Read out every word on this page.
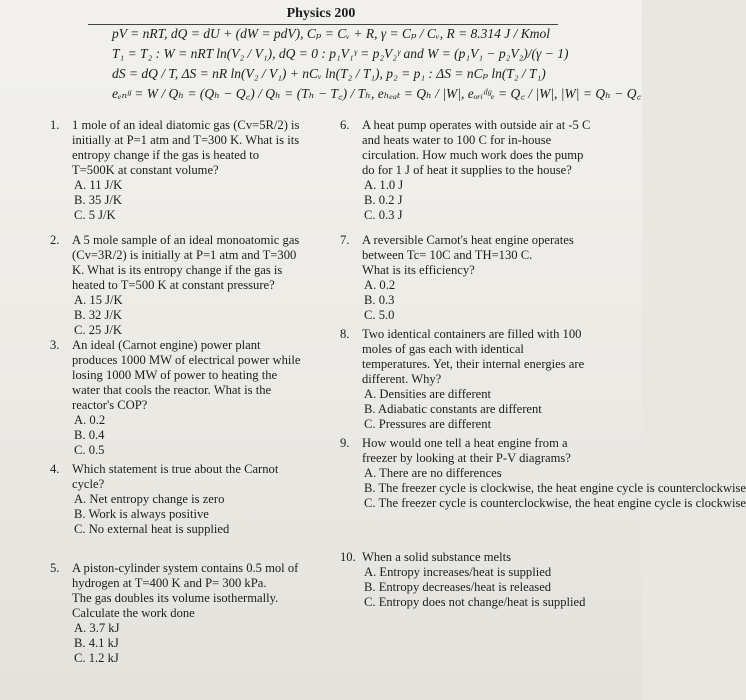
Physics 200
pV = nRT, dQ = dU + (dW = pdV), Cₚ = Cᵥ + R, γ = Cₚ / Cᵥ, R = 8.314 J / Kmol
T₁ = T₂ : W = nRT ln(V₂ / V₁), dQ = 0 : p₁V₁ᵞ = p₂V₂ᵞ and W = (p₁V₁ − p₂V₂)/(γ − 1)
dS = dQ / T, ΔS = nR ln(V₂ / V₁) + nCᵥ ln(T₂ / T₁), p₂ = p₁ : ΔS = nCₚ ln(T₂ / T₁)
eₑₙᵍ = W / Qₕ = (Qₕ − Q꜀) / Qₕ = (Tₕ − T꜀) / Tₕ, eₕₑₐₜ = Qₕ / |W|, eₒᵣᵢᵈᵍₑ = Q꜀ / |W|, |W| = Qₕ − Q꜀
1. 1 mole of an ideal diatomic gas (Cv=5R/2) is
initially at P=1 atm and T=300 K. What is its
entropy change if the gas is heated to
T=500K at constant volume?
A. 11 J/K
B. 35 J/K
C. 5 J/K
2. A 5 mole sample of an ideal monoatomic gas
(Cv=3R/2) is initially at P=1 atm and T=300
K. What is its entropy change if the gas is
heated to T=500 K at constant pressure?
A. 15 J/K
B. 32 J/K
C. 25 J/K
3. An ideal (Carnot engine) power plant
produces 1000 MW of electrical power while
losing 1000 MW of power to heating the
water that cools the reactor. What is the
reactor's COP?
A. 0.2
B. 0.4
C. 0.5
4. Which statement is true about the Carnot
cycle?
A. Net entropy change is zero
B. Work is always positive
C. No external heat is supplied
5. A piston-cylinder system contains 0.5 mol of
hydrogen at T=400 K and P= 300 kPa.
The gas doubles its volume isothermally.
Calculate the work done
A. 3.7 kJ
B. 4.1 kJ
C. 1.2 kJ
6. A heat pump operates with outside air at -5 C
and heats water to 100 C for in-house
circulation. How much work does the pump
do for 1 J of heat it supplies to the house?
A. 1.0 J
B. 0.2 J
C. 0.3 J
7. A reversible Carnot's heat engine operates
between Tc= 10C and TH=130 C.
What is its efficiency?
A. 0.2
B. 0.3
C. 5.0
8. Two identical containers are filled with 100
moles of gas each with identical
temperatures. Yet, their internal energies are
different. Why?
A. Densities are different
B. Adiabatic constants are different
C. Pressures are different
9. How would one tell a heat engine from a
freezer by looking at their P-V diagrams?
A. There are no differences
B. The freezer cycle is clockwise, the heat engine cycle is counterclockwise
C. The freezer cycle is counterclockwise, the heat engine cycle is clockwise
10. When a solid substance melts
A. Entropy increases/heat is supplied
B. Entropy decreases/heat is released
C. Entropy does not change/heat is supplied
